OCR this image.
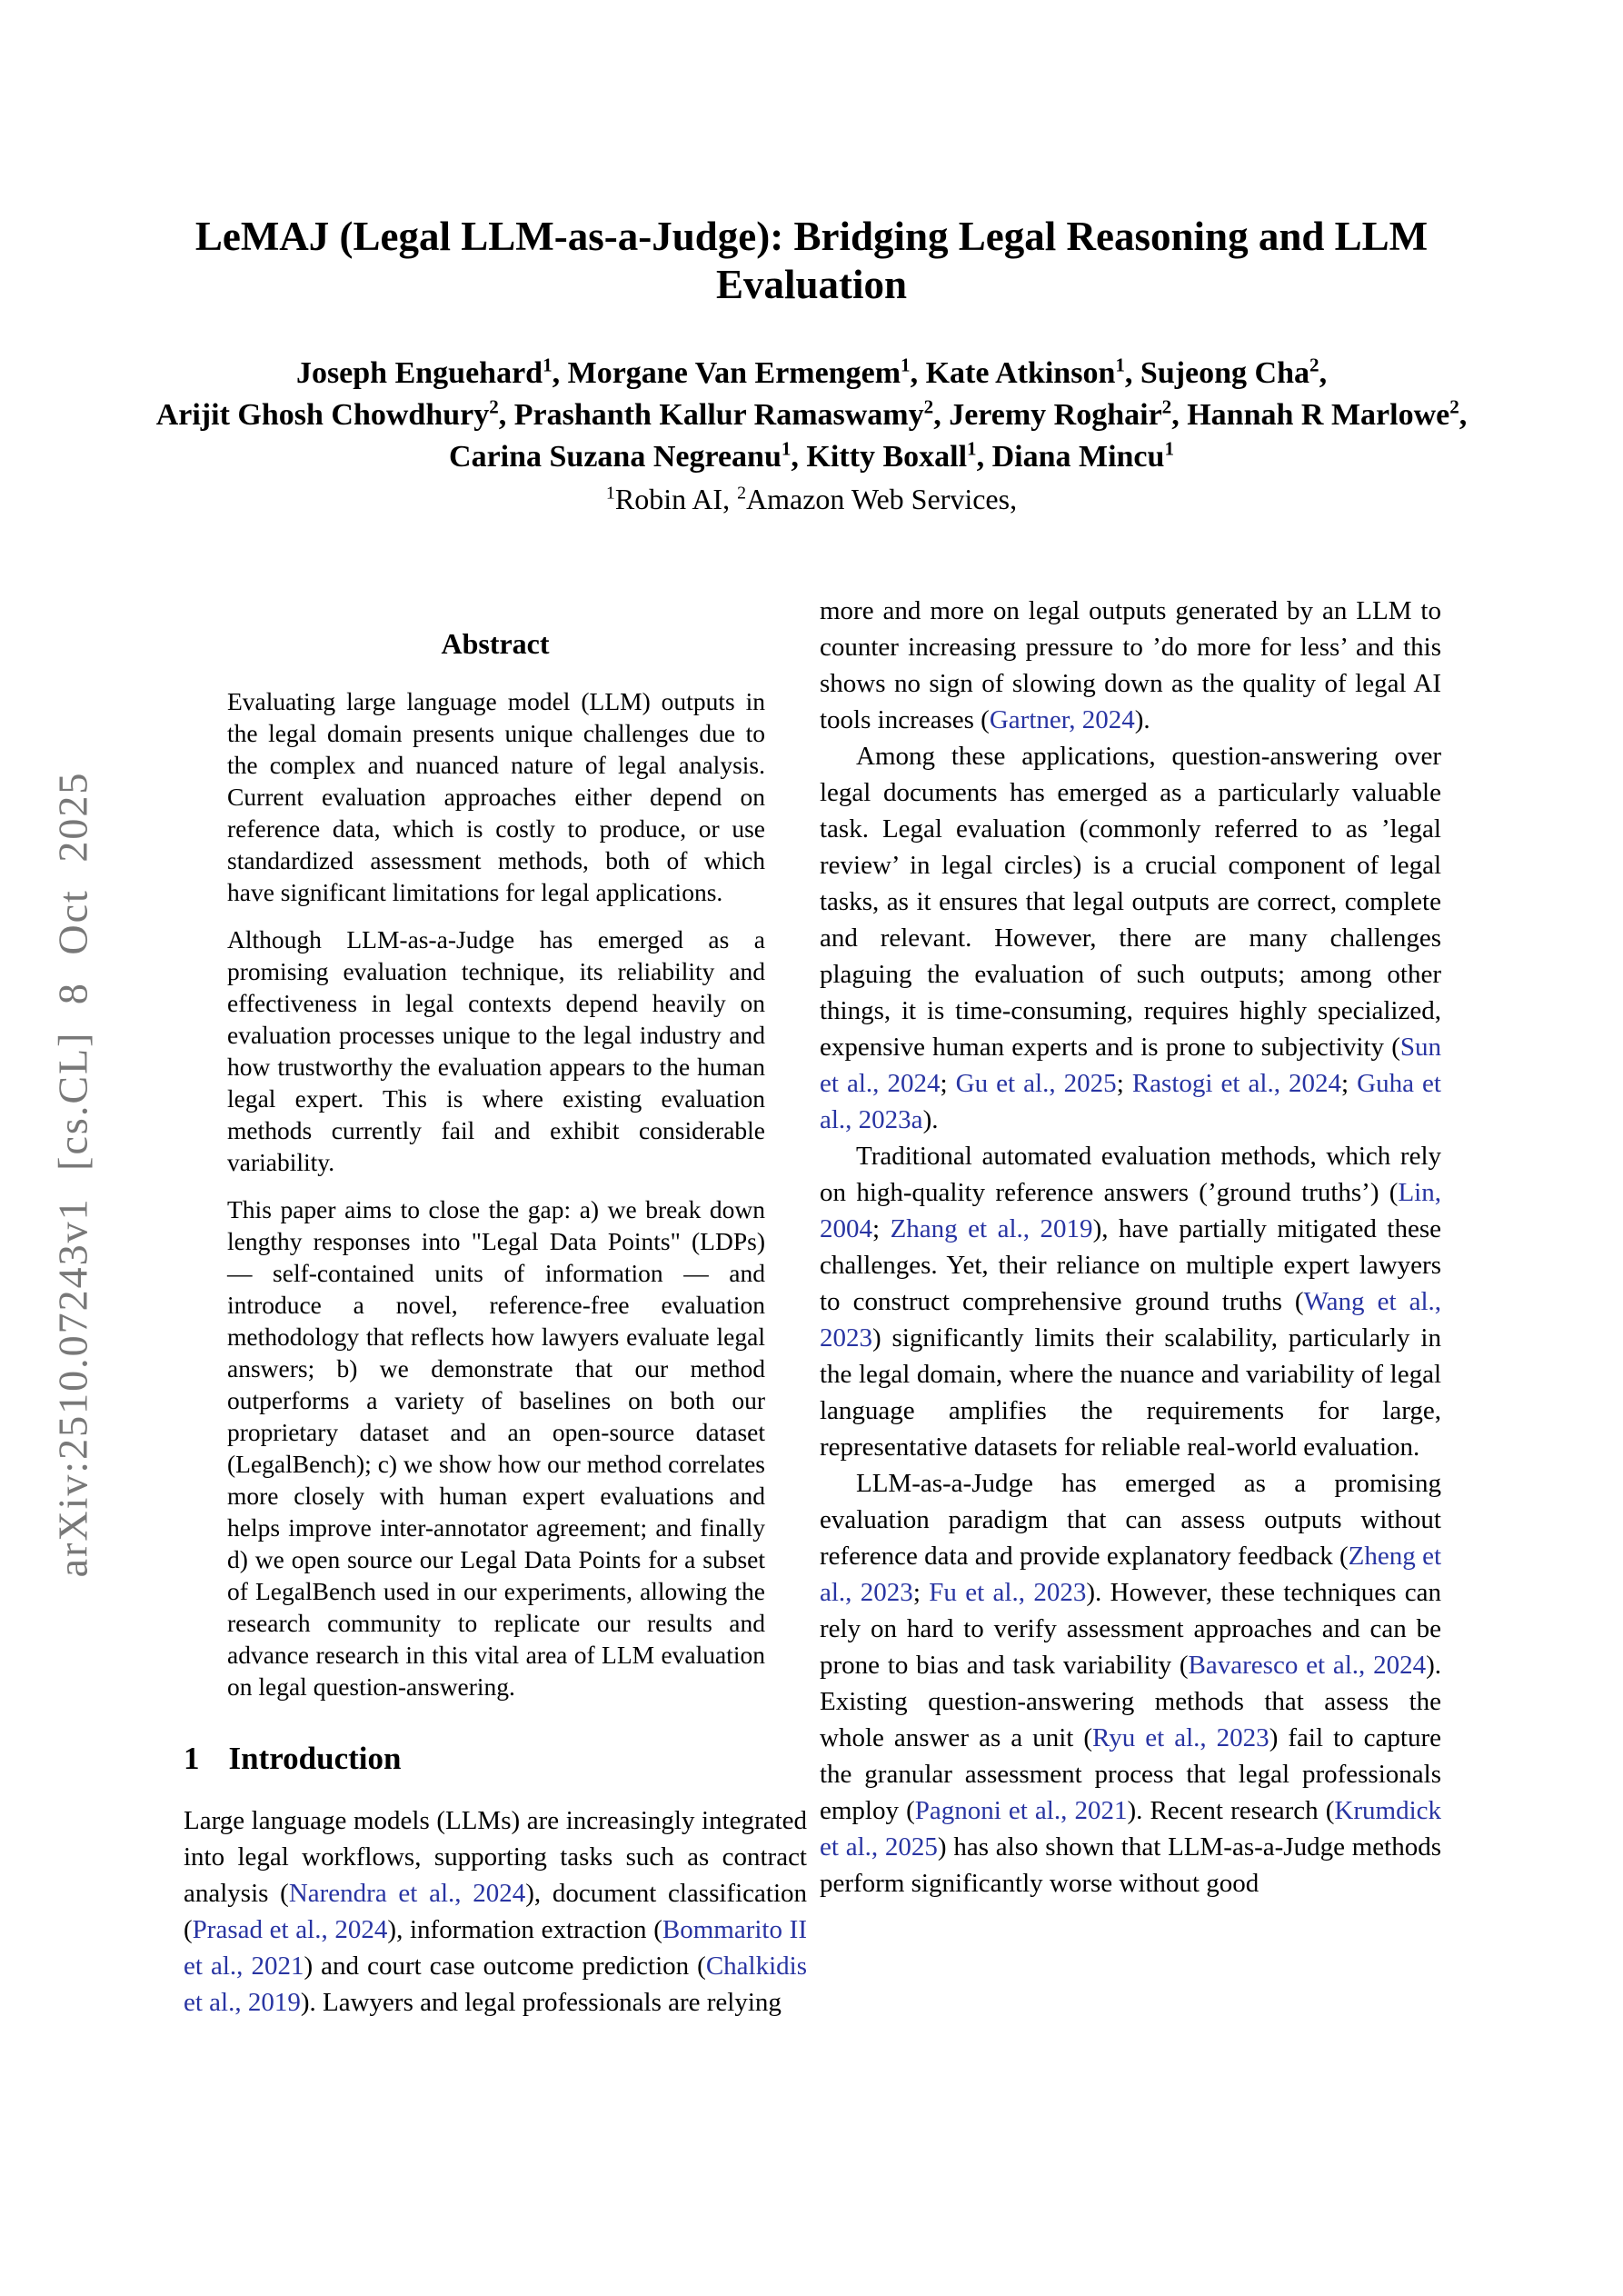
arXiv:2510.07243v1 [cs.CL] 8 Oct 2025
LeMAJ (Legal LLM-as-a-Judge): Bridging Legal Reasoning and LLM
Evaluation
Joseph Enguehard$^1$, Morgane Van Ermengem$^1$, Kate Atkinson$^1$, Sujeong Cha$^2$,
Arijit Ghosh Chowdhury$^2$, Prashanth Kallur Ramaswamy$^2$, Jeremy Roghair$^2$, Hannah R Marlowe$^2$,
Carina Suzana Negreanu$^1$, Kitty Boxall$^1$, Diana Mincu$^1$
$^1$Robin AI, $^2$Amazon Web Services,
Abstract

Evaluating large language model (LLM) outputs in the legal domain presents unique challenges due to the complex and nuanced nature of legal analysis. Current evaluation approaches either depend on reference data, which is costly to produce, or use standardized assessment methods, both of which have significant limitations for legal applications.

Although LLM-as-a-Judge has emerged as a promising evaluation technique, its reliability and effectiveness in legal contexts depend heavily on evaluation processes unique to the legal industry and how trustworthy the evaluation appears to the human legal expert. This is where existing evaluation methods currently fail and exhibit considerable variability.

This paper aims to close the gap: a) we break down lengthy responses into "Legal Data Points" (LDPs) — self-contained units of information — and introduce a novel, reference-free evaluation methodology that reflects how lawyers evaluate legal answers; b) we demonstrate that our method outperforms a variety of baselines on both our proprietary dataset and an open-source dataset (LegalBench); c) we show how our method correlates more closely with human expert evaluations and helps improve inter-annotator agreement; and finally d) we open source our Legal Data Points for a subset of LegalBench used in our experiments, allowing the research community to replicate our results and advance research in this vital area of LLM evaluation on legal question-answering.

1 Introduction

Large language models (LLMs) are increasingly integrated into legal workflows, supporting tasks such as contract analysis (Narendra et al., 2024), document classification (Prasad et al., 2024), information extraction (Bommarito II et al., 2021) and court case outcome prediction (Chalkidis et al., 2019). Lawyers and legal professionals are relying

more and more on legal outputs generated by an LLM to counter increasing pressure to ’do more for less’ and this shows no sign of slowing down as the quality of legal AI tools increases (Gartner, 2024).

Among these applications, question-answering over legal documents has emerged as a particularly valuable task. Legal evaluation (commonly referred to as ’legal review’ in legal circles) is a crucial component of legal tasks, as it ensures that legal outputs are correct, complete and relevant. However, there are many challenges plaguing the evaluation of such outputs; among other things, it is time-consuming, requires highly specialized, expensive human experts and is prone to subjectivity (Sun et al., 2024; Gu et al., 2025; Rastogi et al., 2024; Guha et al., 2023a).

Traditional automated evaluation methods, which rely on high-quality reference answers (’ground truths’) (Lin, 2004; Zhang et al., 2019), have partially mitigated these challenges. Yet, their reliance on multiple expert lawyers to construct comprehensive ground truths (Wang et al., 2023) significantly limits their scalability, particularly in the legal domain, where the nuance and variability of legal language amplifies the requirements for large, representative datasets for reliable real-world evaluation.

LLM-as-a-Judge has emerged as a promising evaluation paradigm that can assess outputs without reference data and provide explanatory feedback (Zheng et al., 2023; Fu et al., 2023). However, these techniques can rely on hard to verify assessment approaches and can be prone to bias and task variability (Bavaresco et al., 2024). Existing question-answering methods that assess the whole answer as a unit (Ryu et al., 2023) fail to capture the granular assessment process that legal professionals employ (Pagnoni et al., 2021). Recent research (Krumdick et al., 2025) has also shown that LLM-as-a-Judge methods perform significantly worse without good
